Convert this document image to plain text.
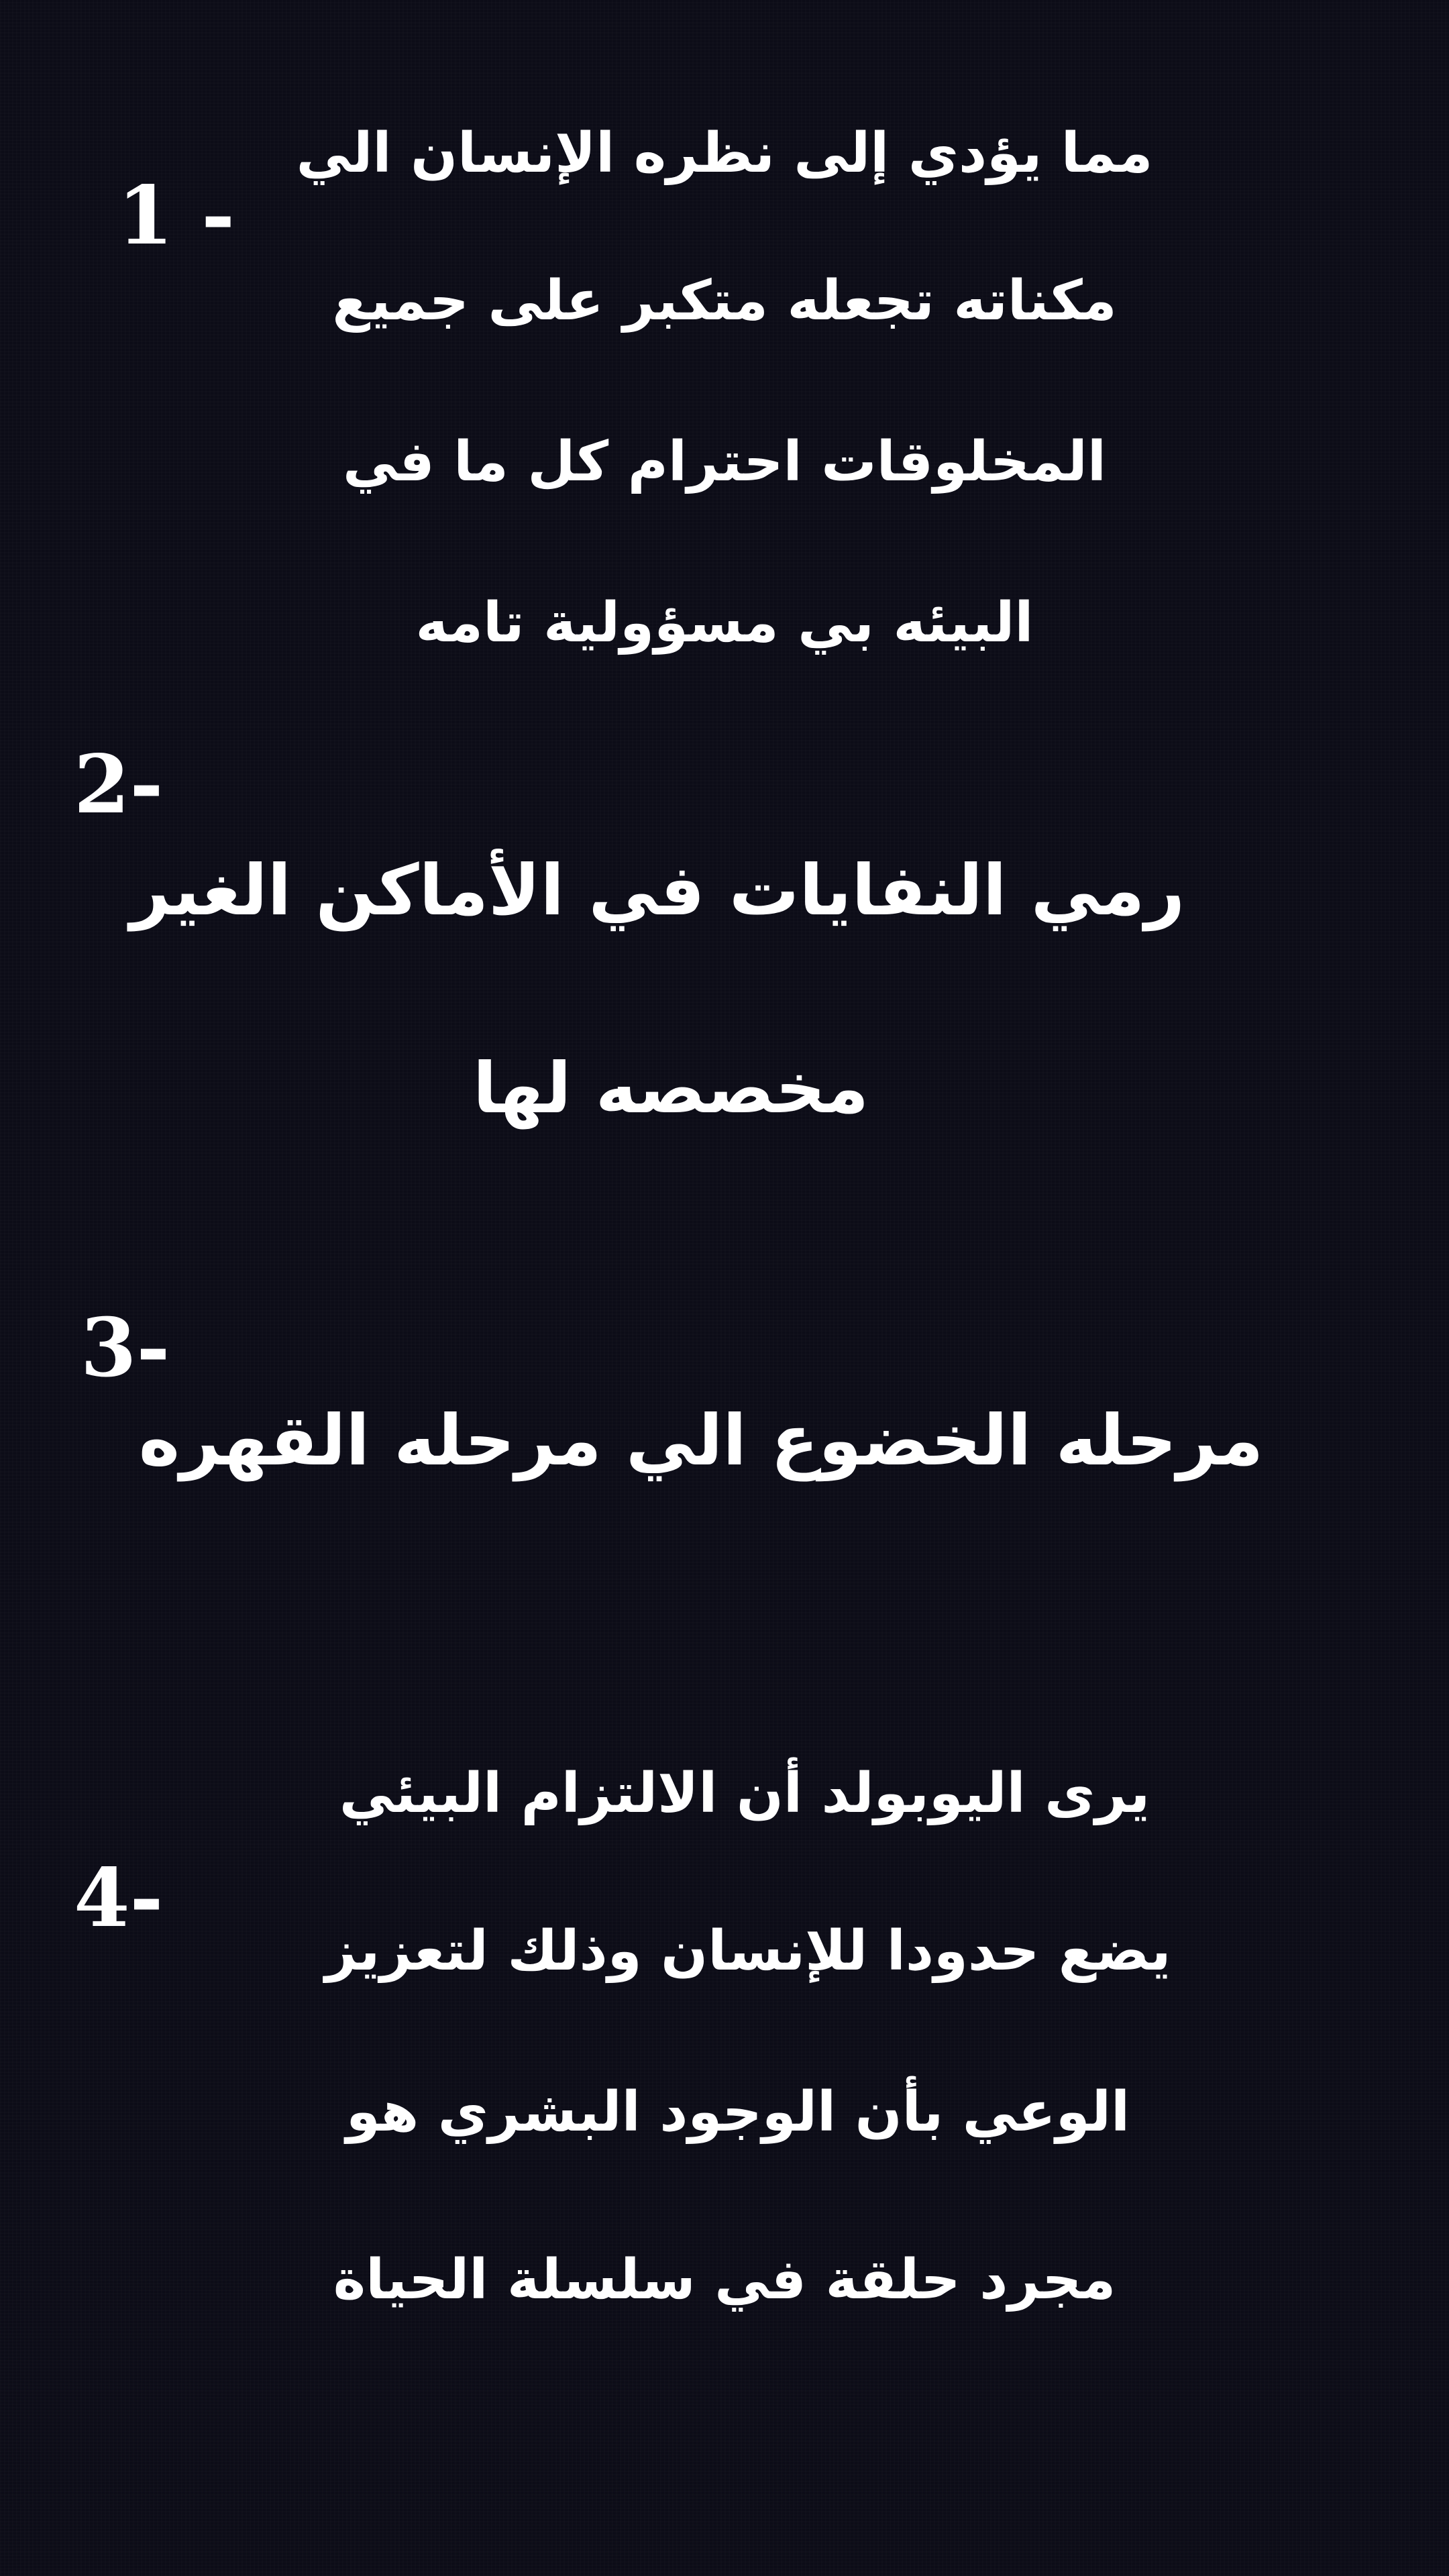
1 -
مما يؤدي إلى نظره الإنسان الي
مكناته تجعله متكبر على جميع
المخلوقات احترام كل ما في
البيئه بي مسؤولية تامه
2-
رمي النفايات في الأماكن الغير
مخصصه لها
3-
مرحله الخضوع الي مرحله القهره
4-
يرى اليوبولد أن الالتزام البيئي
يضع حدودا للإنسان وذلك لتعزيز
الوعي بأن الوجود البشري هو
مجرد حلقة في سلسلة الحياة
